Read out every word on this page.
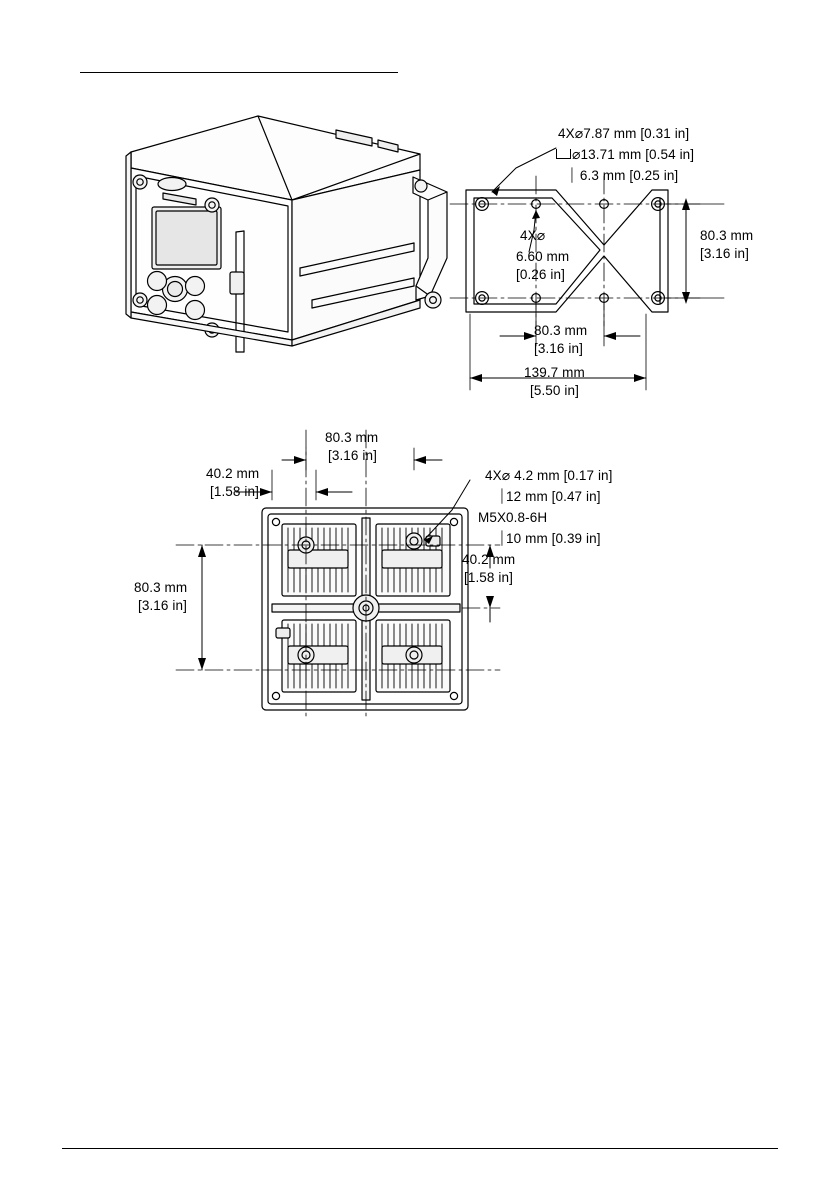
4X⌀7.87 mm [0.31 in]
⌀13.71 mm [0.54 in]
⏐ 6.3 mm [0.25 in]
4X⌀
6.60 mm
[0.26 in]
80.3 mm
[3.16 in]
80.3 mm
[3.16 in]
139.7 mm
[5.50 in]
80.3 mm
[3.16 in]
40.2 mm
[1.58 in]
80.3 mm
[3.16 in]
40.2 mm
[1.58 in]
4X⌀ 4.2 mm [0.17 in]
⏐12 mm [0.47 in]
M5X0.8-6H
⏐10 mm [0.39 in]
